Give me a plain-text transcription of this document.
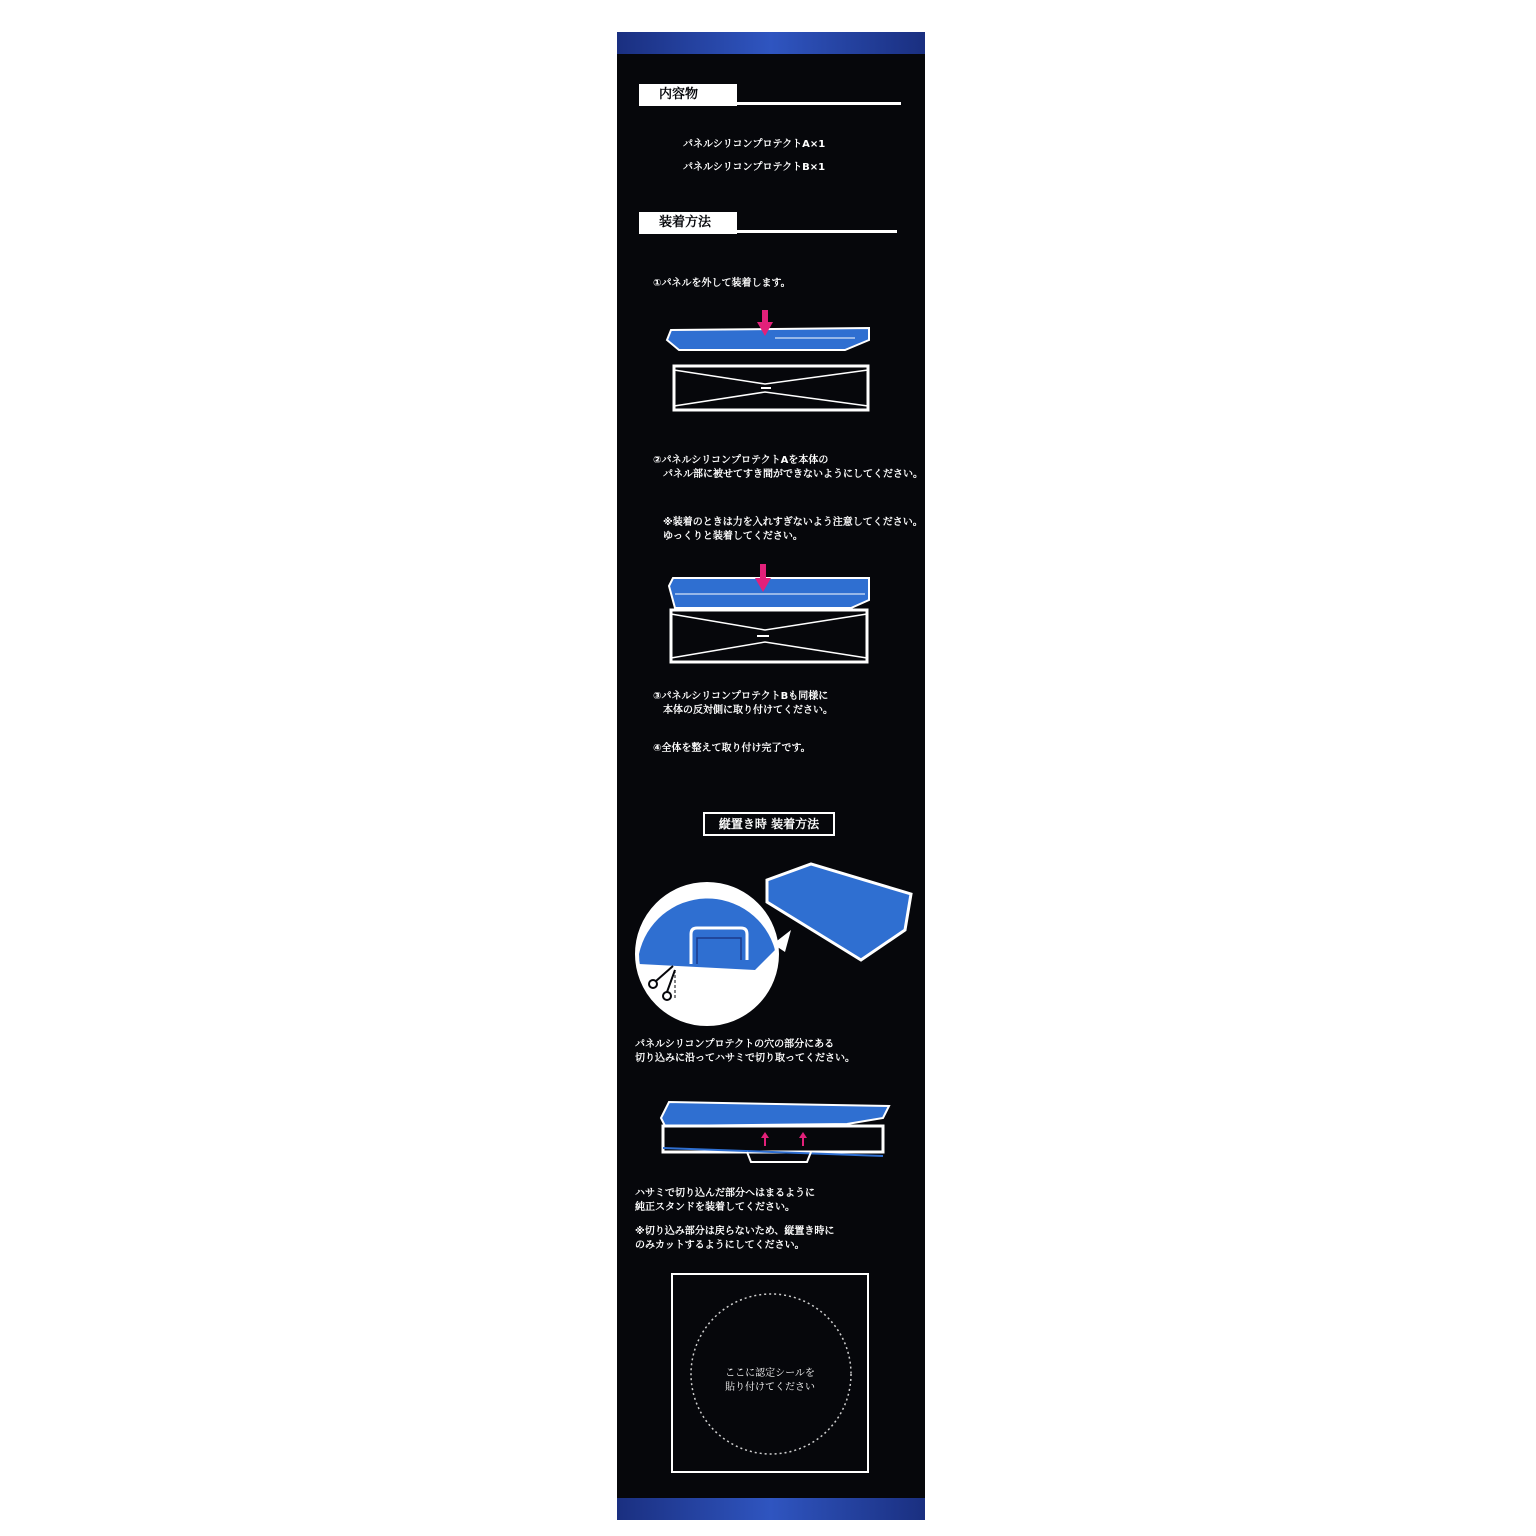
内容物
パネルシリコンプロテクトA×1
パネルシリコンプロテクトB×1
装着方法
①パネルを外して装着します。
②パネルシリコンプロテクトAを本体の
パネル部に被せてすき間ができないようにしてください。
※装着のときは力を入れすぎないよう注意してください。
ゆっくりと装着してください。
③パネルシリコンプロテクトBも同様に
本体の反対側に取り付けてください。
④全体を整えて取り付け完了です。
縦置き時 装着方法
パネルシリコンプロテクトの穴の部分にある
切り込みに沿ってハサミで切り取ってください。
ハサミで切り込んだ部分へはまるように
純正スタンドを装着してください。
※切り込み部分は戻らないため、縦置き時に
のみカットするようにしてください。
ここに認定シールを
貼り付けてください
